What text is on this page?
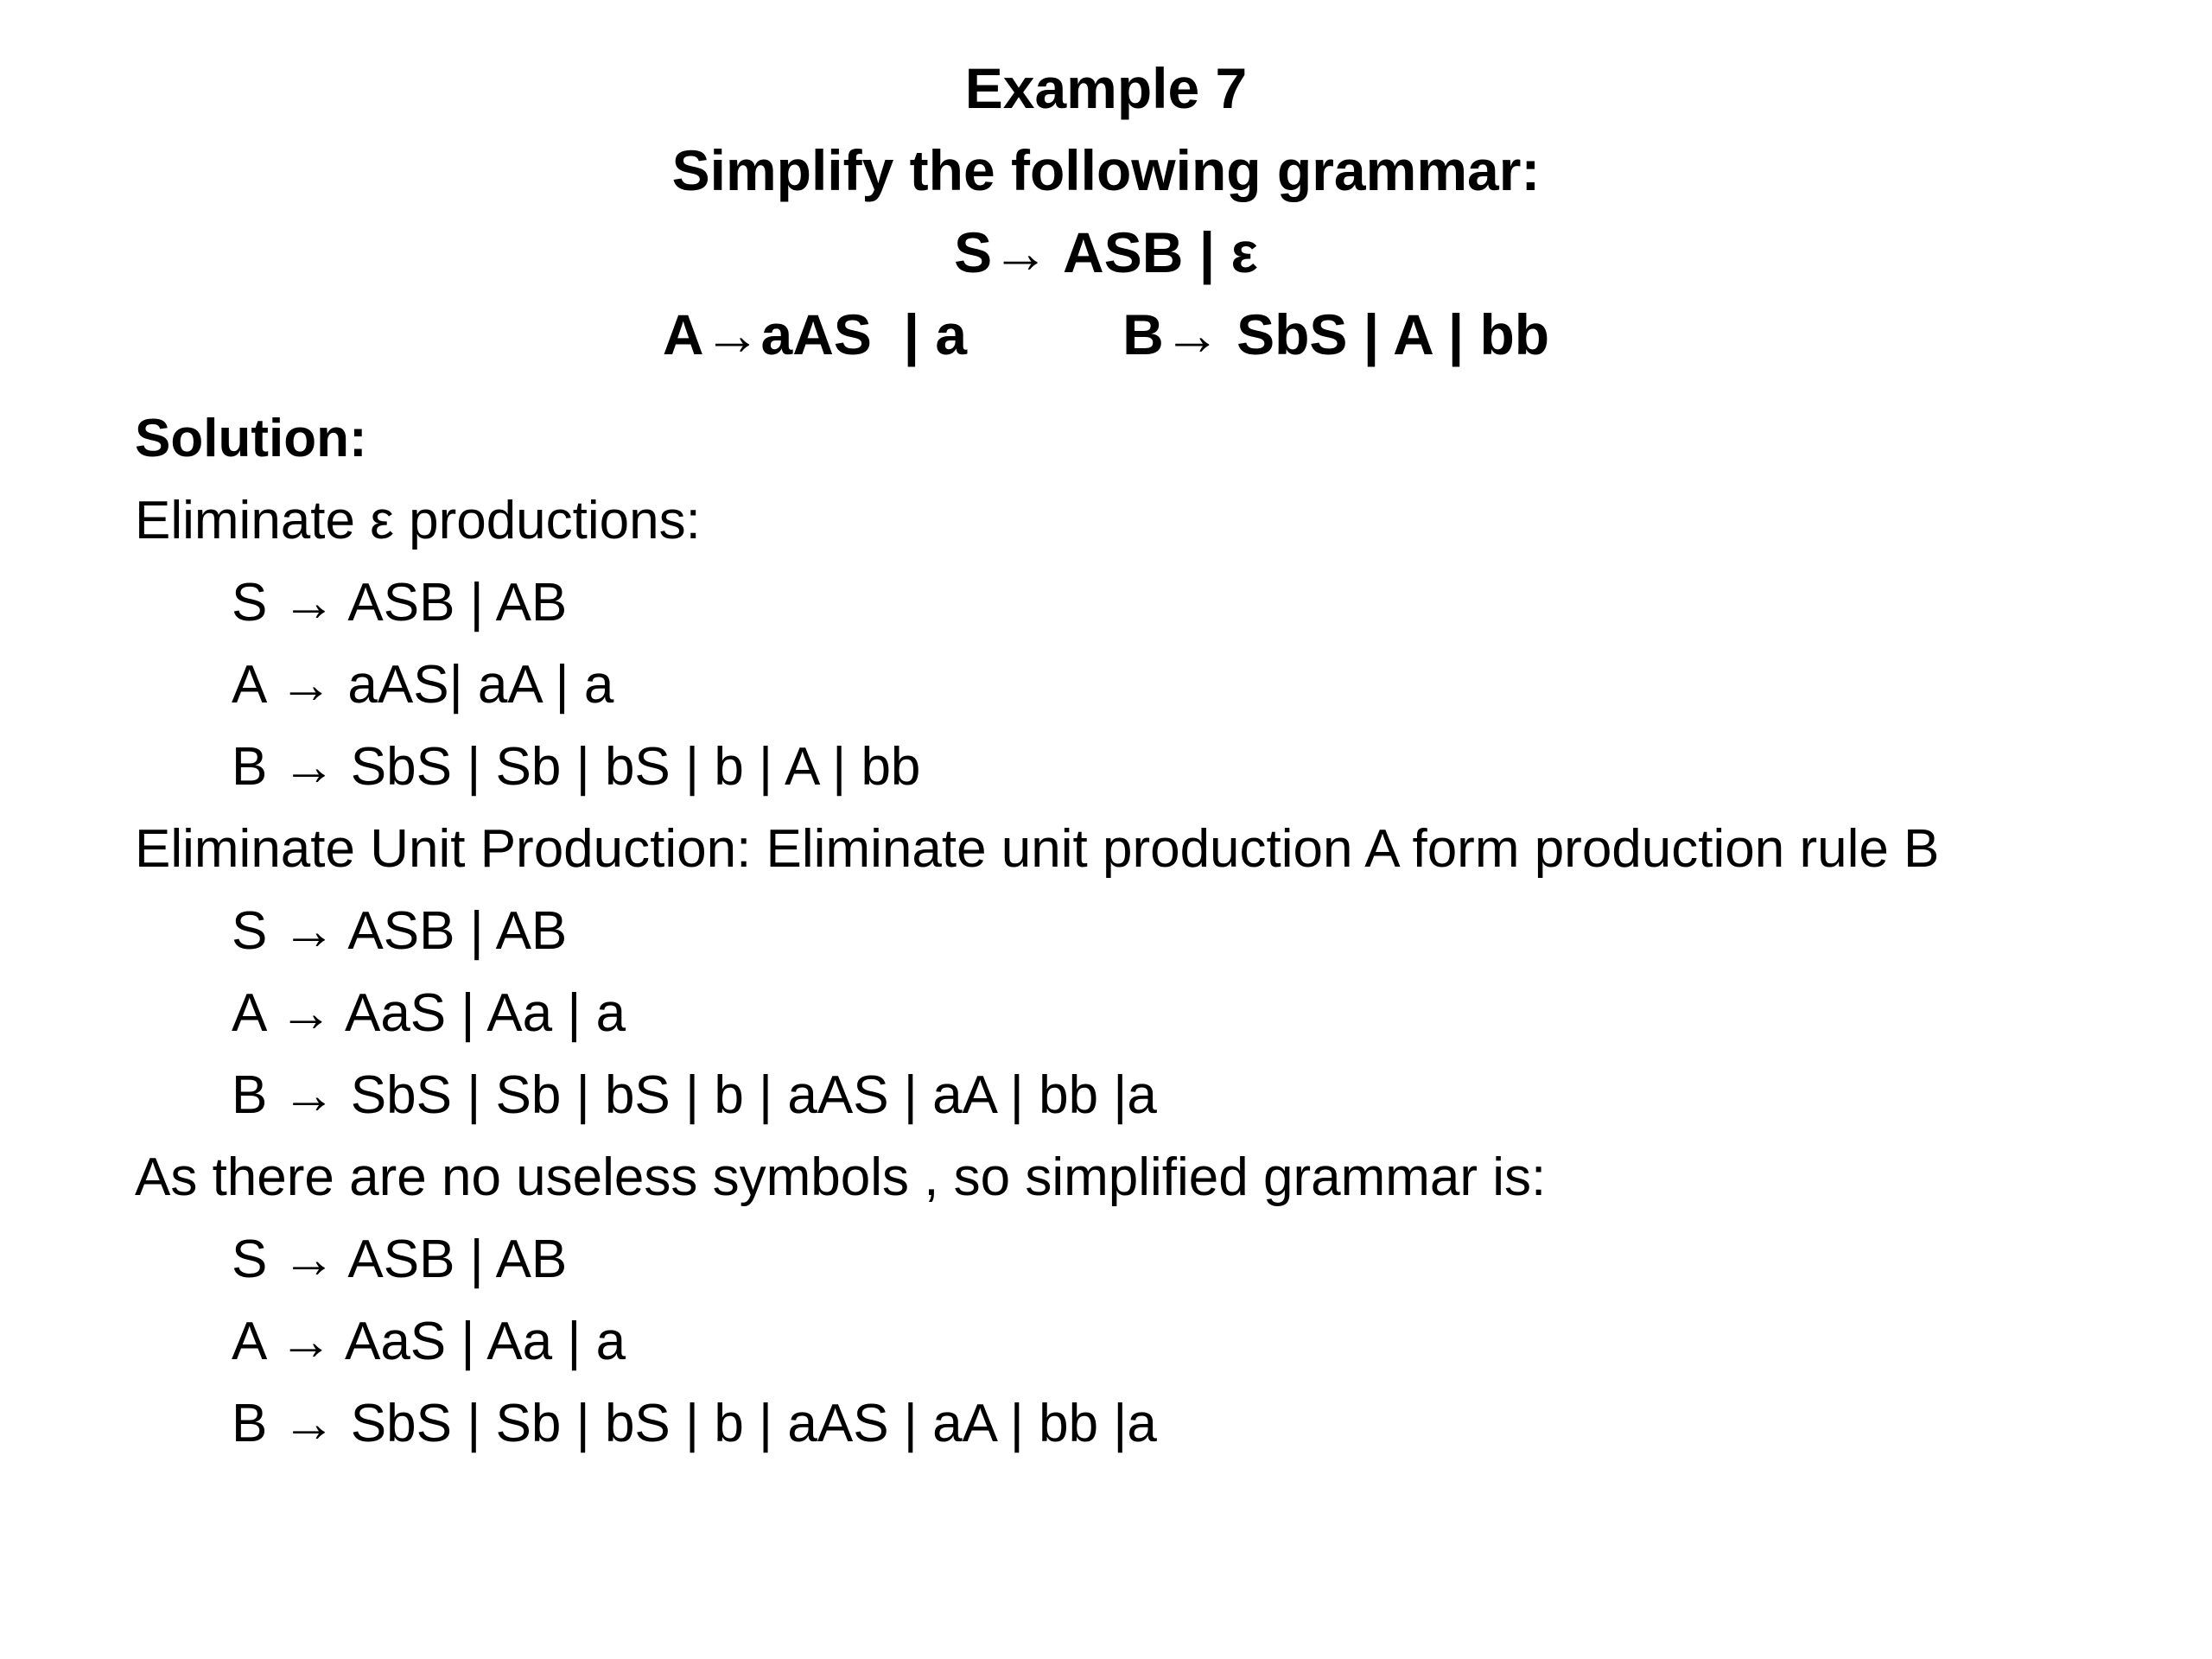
Example 7
Simplify the following grammar:
S→ ASB | ε
A→aAS  | a	B→ SbS | A | bb
Solution:
Eliminate ε productions:
S → ASB | AB
A → aAS| aA | a
B → SbS | Sb | bS | b | A | bb
Eliminate Unit Production: Eliminate unit production A form production rule B
S → ASB | AB
A → AaS | Aa | a
B → SbS | Sb | bS | b | aAS | aA | bb |a
As there are no useless symbols , so simplified grammar is:
S → ASB | AB
A → AaS | Aa | a
B → SbS | Sb | bS | b | aAS | aA | bb |a
